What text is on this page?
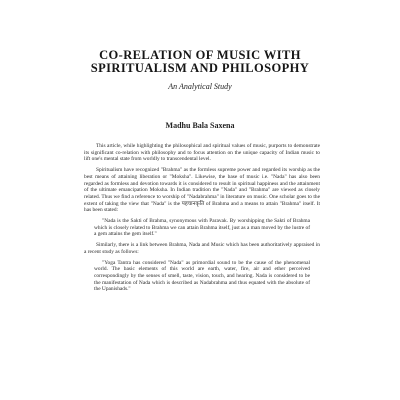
CO-RELATION OF MUSIC WITH
SPIRITUALISM AND PHILOSOPHY
An Analytical Study
Madhu Bala Saxena

This article, while highlighting the philosophical and spiritual values of music, purports to demonstrate its significant co-relation with philosophy and to focus attention on the unique capacity of Indian music to lift one's mental state from worldly to transcendental level.

Spiritualism have recognized "Brahma" as the formless supreme power and regarded its worship as the best means of attaining liberation or "Moksha". Likewise, the base of music i.e. "Nada" has also been regarded as formless and devotion towards it is considered to result in spiritual happiness and the attainment of the ultimate emancipation Moksha. In Indian tradition the "Nada" and "Brahma" are viewed as closely related. Thus we find a reference to worship of "Nadabrahma" in literature on music. One scholar goes to the extent of taking the view that "Nada" is the पहचानकृति of Brahma and a means to attain "Brahma" itself. It has been stated:

"Nada is the Sakti of Brahma, synonymous with Paravak. By worshipping the Sakti of Brahma which is closely related to Brahma we can attain Brahma itself, just as a man moved by the lustre of a gem attains the gem itself."

Similarly, there is a link between Brahma, Nada and Music which has been authoritatively appraised in a recent study as follows:

"Yoga Tantra has considered "Nada" as primordial sound to be the cause of the phenomenal world. The basic elements of this world are earth, water, fire, air and ether perceived correspondingly by the senses of smell, taste, vision, touch, and hearing. Nada is considered to be the manifestation of Nada which is described as Nadabrahma and thus equated with the absolute of the Upanishads."
